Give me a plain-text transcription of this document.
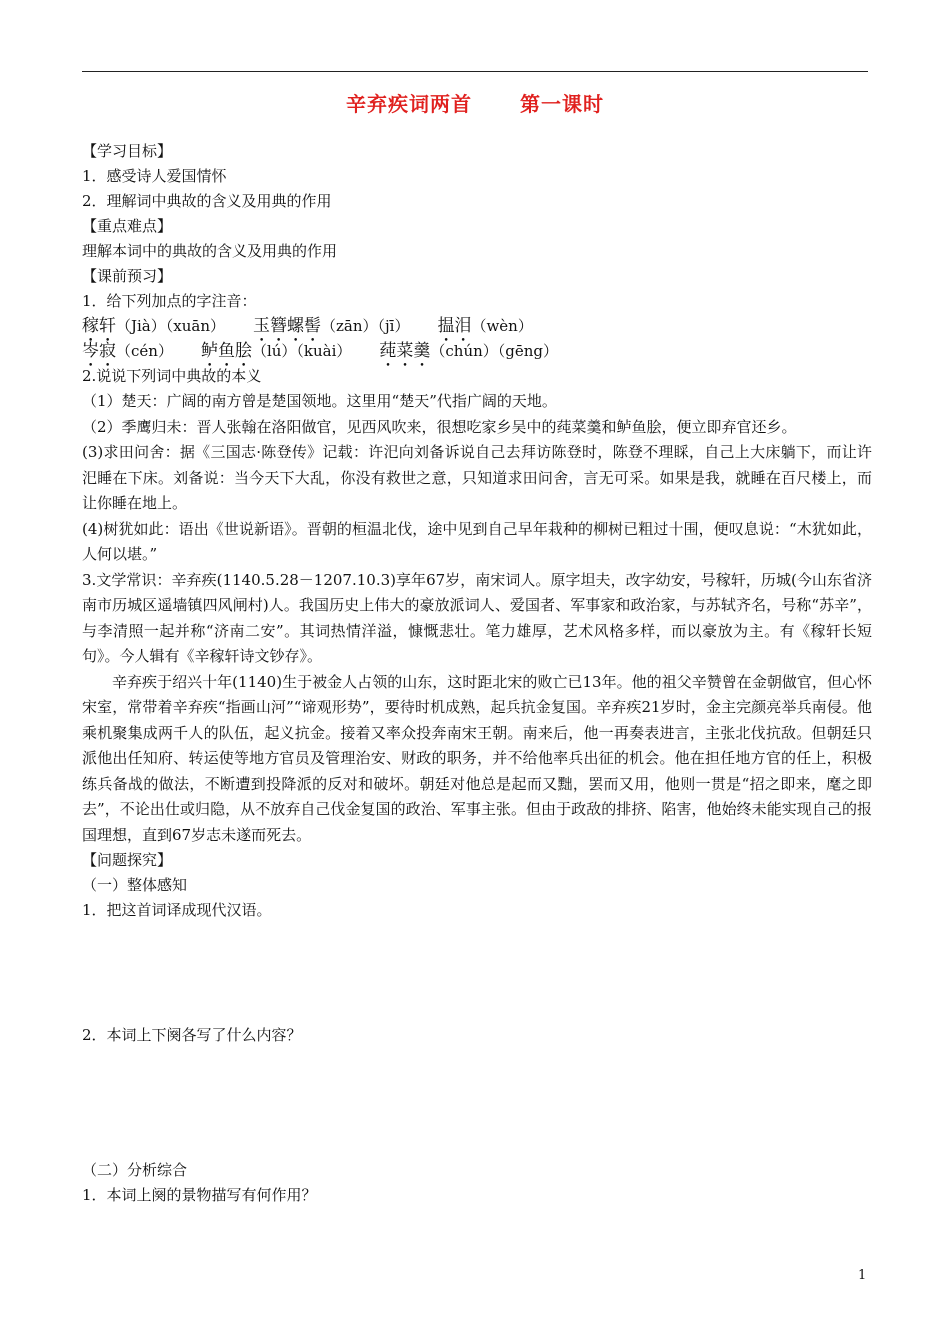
辛弃疾词两首 第一课时
【学习目标】
1．感受诗人爱国情怀
2．理解词中典故的含义及用典的作用
【重点难点】
理解本词中的典故的含义及用典的作用
【课前预习】
1．给下列加点的字注音：
稼轩（Jià）（xuān） 玉簪螺髻（zān）（jī） 揾泪（wèn）
岑寂（cén） 鲈鱼脍（lú）（kuài） 莼菜羹（chún）（gēng）
2.说说下列词中典故的本义
（1）楚天：广阔的南方曾是楚国领地。这里用“楚天”代指广阔的天地。
（2）季鹰归未：晋人张翰在洛阳做官，见西风吹来，很想吃家乡吴中的莼菜羹和鲈鱼脍，便立即弃官还乡。
(3)求田问舍：据《三国志·陈登传》记载：许汜向刘备诉说自己去拜访陈登时，陈登不理睬，自己上大床躺下，而让许汜睡在下床。刘备说：当今天下大乱，你没有救世之意，只知道求田问舍，言无可采。如果是我，就睡在百尺楼上，而让你睡在地上。
(4)树犹如此：语出《世说新语》。晋朝的桓温北伐，途中见到自己早年栽种的柳树已粗过十围，便叹息说：“木犹如此，人何以堪。”
3.文学常识：辛弃疾(1140.5.28－1207.10.3)享年67岁，南宋词人。原字坦夫，改字幼安，号稼轩，历城(今山东省济南市历城区遥墙镇四风闸村)人。我国历史上伟大的豪放派词人、爱国者、军事家和政治家，与苏轼齐名，号称“苏辛”，与李清照一起并称“济南二安”。其词热情洋溢，慷慨悲壮。笔力雄厚，艺术风格多样，而以豪放为主。有《稼轩长短句》。今人辑有《辛稼轩诗文钞存》。
辛弃疾于绍兴十年(1140)生于被金人占领的山东，这时距北宋的败亡已13年。他的祖父辛赞曾在金朝做官，但心怀宋室，常带着辛弃疾“指画山河”“谛观形势”，要待时机成熟，起兵抗金复国。辛弃疾21岁时，金主完颜亮举兵南侵。他乘机聚集成两千人的队伍，起义抗金。接着又率众投奔南宋王朝。南来后，他一再奏表进言，主张北伐抗敌。但朝廷只派他出任知府、转运使等地方官员及管理治安、财政的职务，并不给他率兵出征的机会。他在担任地方官的任上，积极练兵备战的做法，不断遭到投降派的反对和破坏。朝廷对他总是起而又黜，罢而又用，他则一贯是“招之即来，麾之即去”，不论出仕或归隐，从不放弃自己伐金复国的政治、军事主张。但由于政敌的排挤、陷害，他始终未能实现自己的报国理想，直到67岁志未遂而死去。
【问题探究】
（一）整体感知
1．把这首词译成现代汉语。
2．本词上下阕各写了什么内容？
（二）分析综合
1．本词上阕的景物描写有何作用？
1
